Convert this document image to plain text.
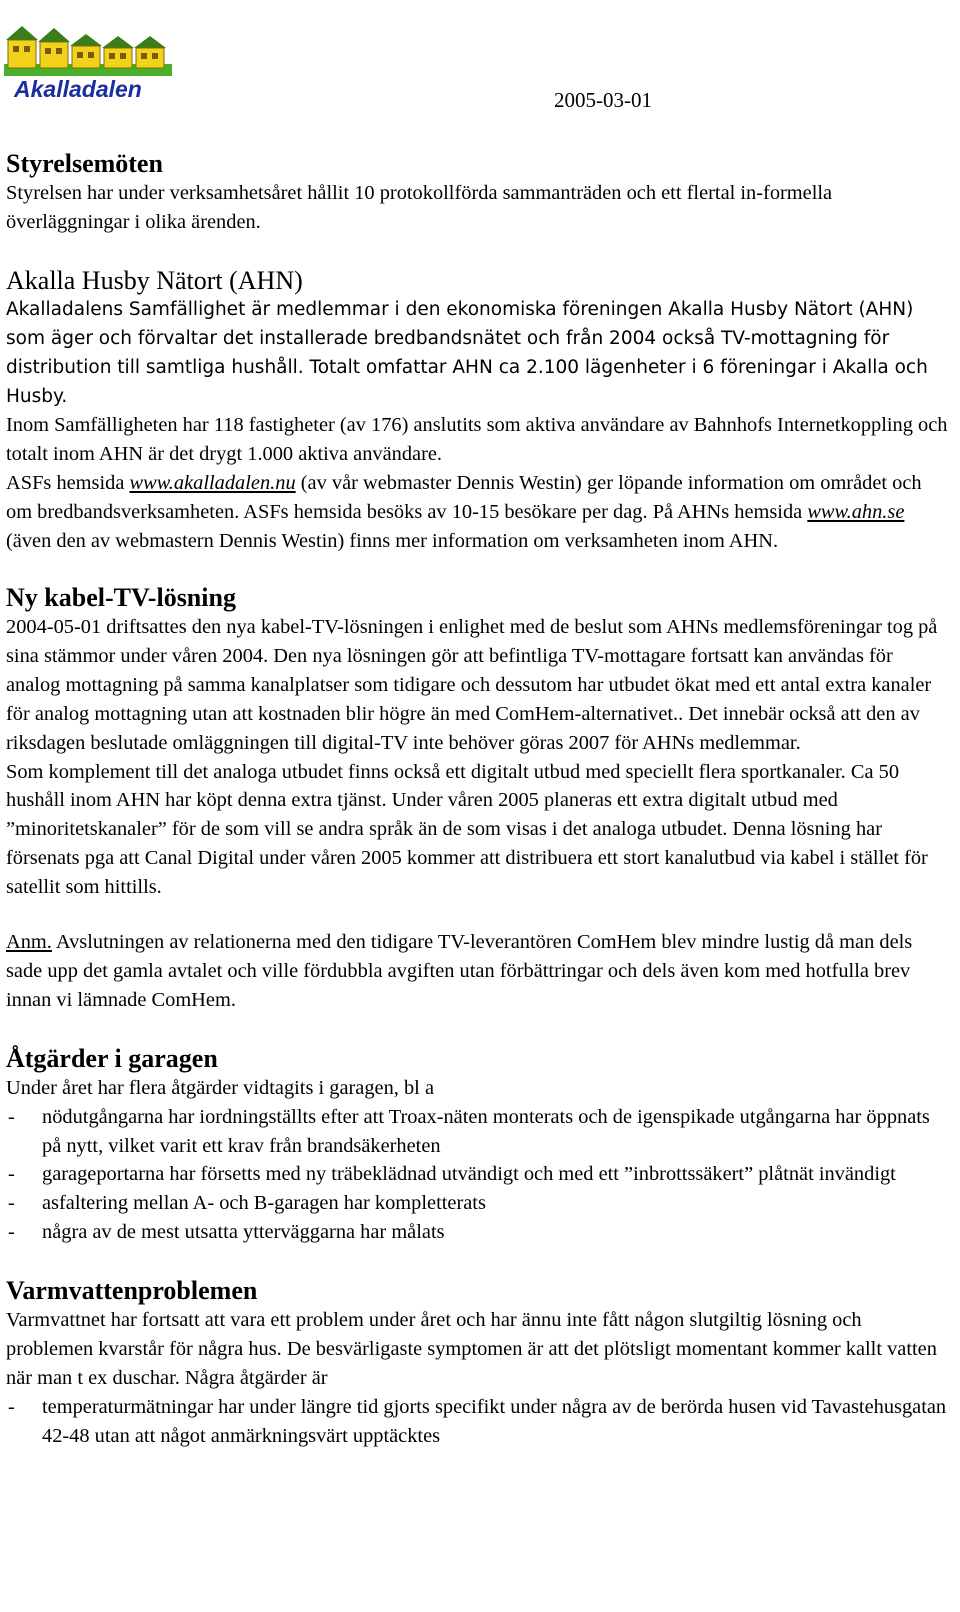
Akalladalen	2005-03-01
Styrelsemöten

Styrelsen har under verksamhetsåret hållit 10 protokollförda sammanträden och ett flertal in-formella överläggningar i olika ärenden.

Akalla Husby Nätort (AHN)

Akalladalens Samfällighet är medlemmar i den ekonomiska föreningen Akalla Husby Nätort (AHN) som äger och förvaltar det installerade bredbandsnätet och från 2004 också TV-mottagning för distribution till samtliga hushåll. Totalt omfattar AHN ca 2.100 lägenheter i 6 föreningar i Akalla och Husby.

Inom Samfälligheten har 118 fastigheter (av 176) anslutits som aktiva användare av Bahnhofs Internetkoppling och totalt inom AHN är det drygt 1.000 aktiva användare.

ASFs hemsida www.akalladalen.nu (av vår webmaster Dennis Westin) ger löpande information om området och om bredbandsverksamheten. ASFs hemsida besöks av 10-15 besökare per dag. På AHNs hemsida www.ahn.se (även den av webmastern Dennis Westin) finns mer information om verksamheten inom AHN.

Ny kabel-TV-lösning

2004-05-01 driftsattes den nya kabel-TV-lösningen i enlighet med de beslut som AHNs medlemsföreningar tog på sina stämmor under våren 2004. Den nya lösningen gör att befintliga TV-mottagare fortsatt kan användas för analog mottagning på samma kanalplatser som tidigare och dessutom har utbudet ökat med ett antal extra kanaler för analog mottagning utan att kostnaden blir högre än med ComHem-alternativet.. Det innebär också att den av riksdagen beslutade omläggningen till digital-TV inte behöver göras 2007 för AHNs medlemmar.

Som komplement till det analoga utbudet finns också ett digitalt utbud med speciellt flera sportkanaler. Ca 50 hushåll inom AHN har köpt denna extra tjänst. Under våren 2005 planeras ett extra digitalt utbud med ”minoritetskanaler” för de som vill se andra språk än de som visas i det analoga utbudet. Denna lösning har försenats pga att Canal Digital under våren 2005 kommer att distribuera ett stort kanalutbud via kabel i stället för satellit som hittills.

Anm. Avslutningen av relationerna med den tidigare TV-leverantören ComHem blev mindre lustig då man dels sade upp det gamla avtalet och ville fördubbla avgiften utan förbättringar och dels även kom med hotfulla brev innan vi lämnade ComHem.

Åtgärder i garagen

Under året har flera åtgärder vidtagits i garagen, bl a

- nödutgångarna har iordningställts efter att Troax-näten monterats och de igenspikade utgångarna har öppnats på nytt, vilket varit ett krav från brandsäkerheten
- garageportarna har försetts med ny träbeklädnad utvändigt och med ett ”inbrottssäkert” plåtnät invändigt
- asfaltering mellan A- och B-garagen har kompletterats
- några av de mest utsatta ytterväggarna har målats
Varmvattenproblemen

Varmvattnet har fortsatt att vara ett problem under året och har ännu inte fått någon slutgiltig lösning och problemen kvarstår för några hus. De besvärligaste symptomen är att det plötsligt momentant kommer kallt vatten när man t ex duschar. Några åtgärder är

- temperaturmätningar har under längre tid gjorts specifikt under några av de berörda husen vid Tavastehusgatan 42-48 utan att något anmärkningsvärt upptäcktes
